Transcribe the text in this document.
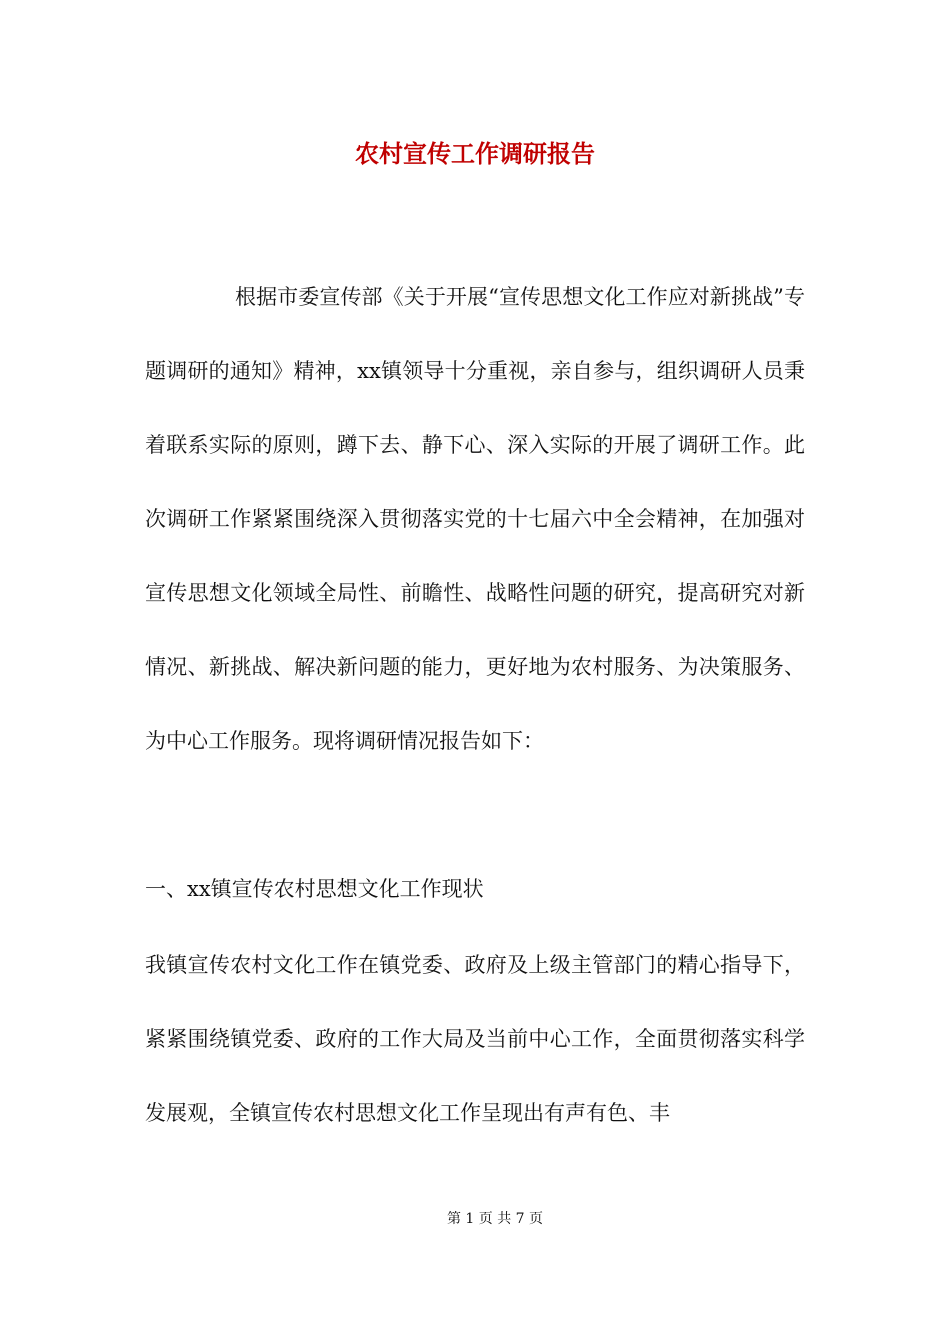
农村宣传工作调研报告

根据市委宣传部《关于开展“宣传思想文化工作应对新挑战”专题调研的通知》精神，xx镇领导十分重视，亲自参与，组织调研人员秉着联系实际的原则，蹲下去、静下心、深入实际的开展了调研工作。此次调研工作紧紧围绕深入贯彻落实党的十七届六中全会精神，在加强对宣传思想文化领域全局性、前瞻性、战略性问题的研究，提高研究对新情况、新挑战、解决新问题的能力，更好地为农村服务、为决策服务、为中心工作服务。现将调研情况报告如下：

一、xx镇宣传农村思想文化工作现状

我镇宣传农村文化工作在镇党委、政府及上级主管部门的精心指导下，紧紧围绕镇党委、政府的工作大局及当前中心工作，全面贯彻落实科学发展观，全镇宣传农村思想文化工作呈现出有声有色、丰

第 1 页 共 7 页
